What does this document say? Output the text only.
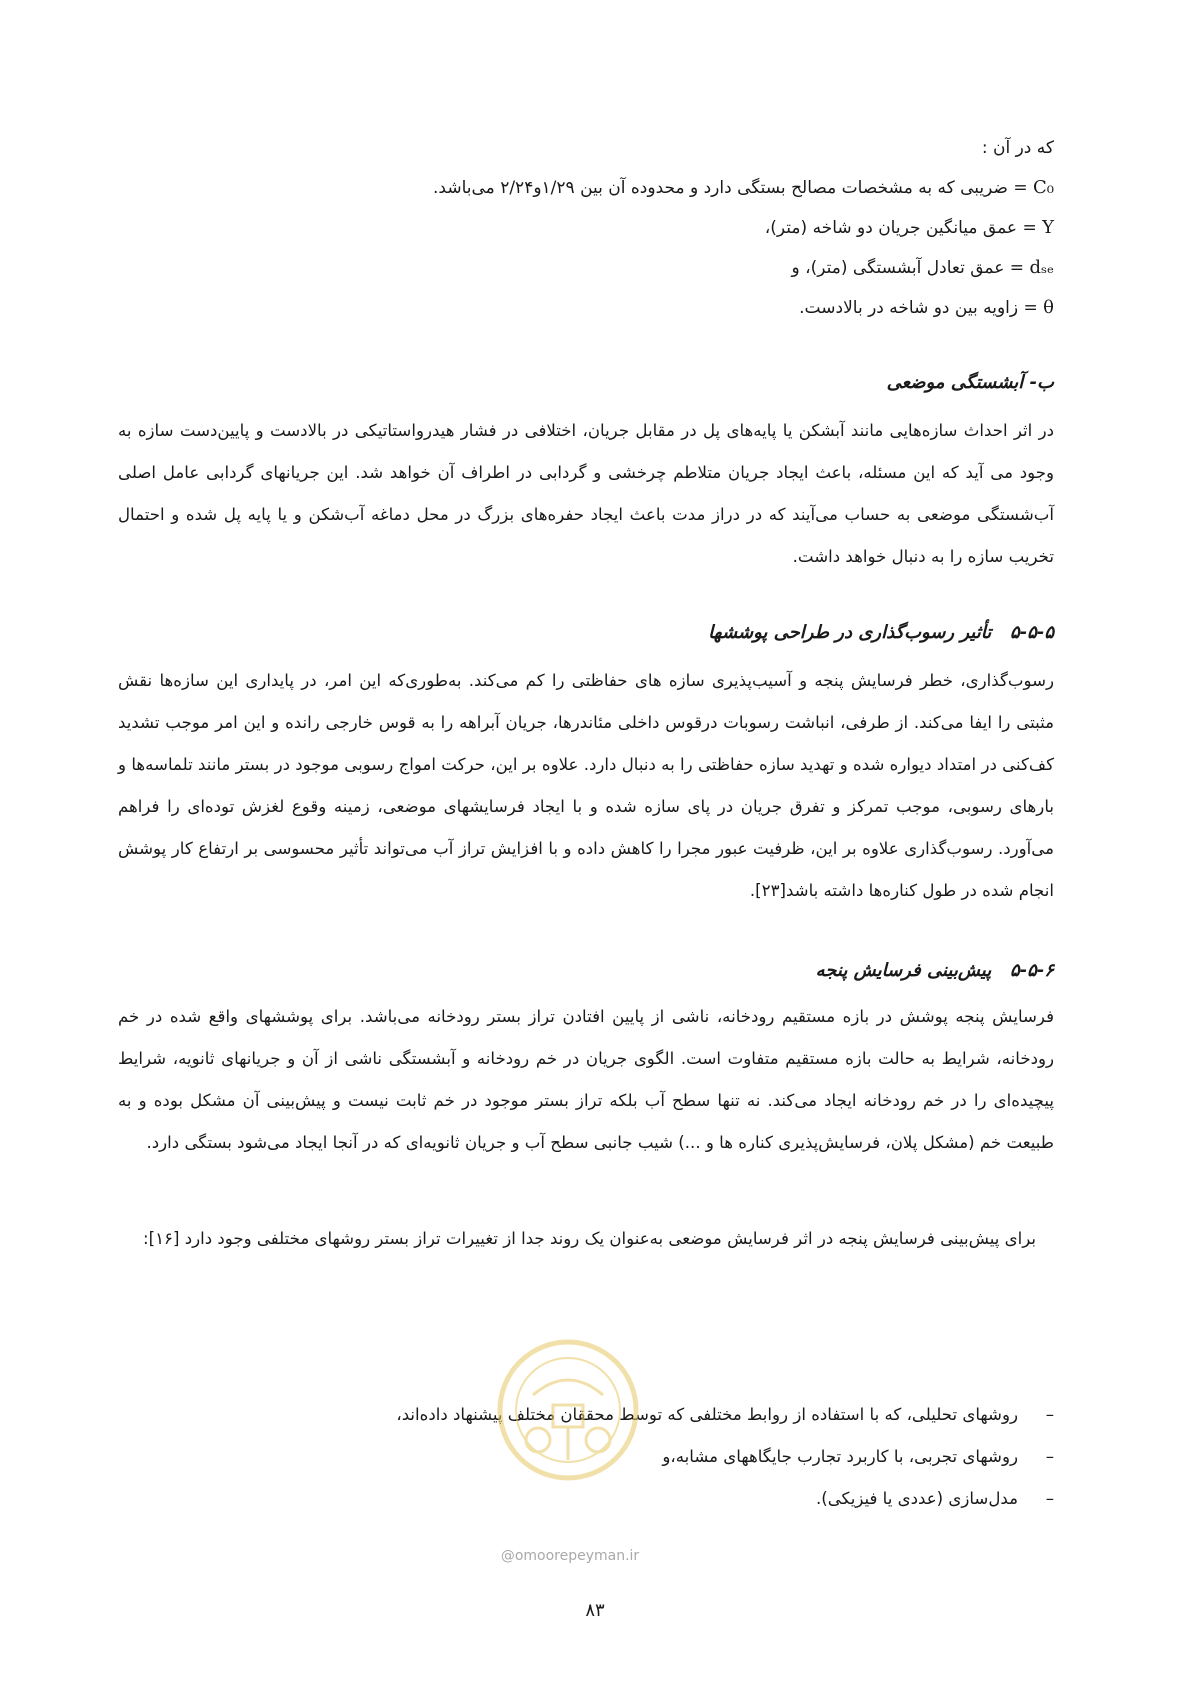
که در آن :

C₀ = ضریبی که به مشخصات مصالح بستگی دارد و محدوده آن بین ۱/۲۹و۲/۲۴ می‌باشد.

Y = عمق میانگین جریان دو شاخه (متر)،

dₛₑ = عمق تعادل آبشستگی (متر)، و

θ = زاویه بین دو شاخه در بالادست.

ب- آبشستگی موضعی

در اثر احداث سازه‌هایی مانند آبشکن یا پایه‌های پل در مقابل جریان، اختلافی در فشار هیدرواستاتیکی در بالادست و پایین‌دست سازه به وجود می آید که این مسئله، باعث ایجاد جریان متلاطم چرخشی و گردابی در اطراف آن خواهد شد. این جریانهای گردابی عامل اصلی آب‌شستگی موضعی به حساب می‌آیند که در دراز مدت باعث ایجاد حفره‌های بزرگ در محل دماغه آب‌شکن و یا پایه پل شده و احتمال تخریب سازه را به دنبال خواهد داشت.

۵-۵-۵   تأثیر رسوب‌گذاری در طراحی پوششها

رسوب‌گذاری، خطر فرسایش پنجه و آسیب‌پذیری سازه های حفاظتی را کم می‌کند. به‌طوری‌که این امر، در پایداری این سازه‌ها نقش مثبتی را ایفا می‌کند. از طرفی، انباشت رسوبات درقوس داخلی مئاندرها، جریان آبراهه را به قوس خارجی رانده و این امر موجب تشدید کف‌کنی در امتداد دیواره شده و تهدید سازه حفاظتی را به دنبال دارد. علاوه بر این، حرکت امواج رسوبی موجود در بستر مانند تلماسه‌ها و بارهای رسوبی، موجب تمرکز و تفرق جریان در پای سازه شده و با ایجاد فرسایشهای موضعی، زمینه وقوع لغزش توده‌ای را فراهم می‌آورد. رسوب‌گذاری علاوه بر این، ظرفیت عبور مجرا را کاهش داده و با افزایش تراز آب می‌تواند تأثیر محسوسی بر ارتفاع کار پوشش انجام شده در طول کناره‌ها داشته باشد[۲۳].

۵-۵-۶   پیش‌بینی فرسایش پنجه

فرسایش پنجه پوشش در بازه مستقیم رودخانه، ناشی از پایین افتادن تراز بستر رودخانه می‌باشد. برای پوششهای واقع شده در خم رودخانه، شرایط به حالت بازه مستقیم متفاوت است. الگوی جریان در خم رودخانه و آبشستگی ناشی از آن و جریانهای ثانویه، شرایط پیچیده‌ای را در خم رودخانه ایجاد می‌کند. نه تنها سطح آب بلکه تراز بستر موجود در خم ثابت نیست و پیش‌بینی آن مشکل بوده و به طبیعت خم (مشکل پلان، فرسایش‌پذیری کناره ها و ...) شیب جانبی سطح آب و جریان ثانویه‌ای که در آنجا ایجاد می‌شود بستگی دارد.

برای پیش‌بینی فرسایش پنجه در اثر فرسایش موضعی به‌عنوان یک روند جدا از تغییرات تراز بستر روشهای مختلفی وجود دارد [۱۶]:

–
روشهای تحلیلی، که با استفاده از روابط مختلفی که توسط محققان مختلف پیشنهاد داده‌اند،
–
روشهای تجربی، با کاربرد تجارب جایگاههای مشابه،و
–
مدل‌سازی (عددی یا فیزیکی).
@omoorepeyman.ir
۸۳
